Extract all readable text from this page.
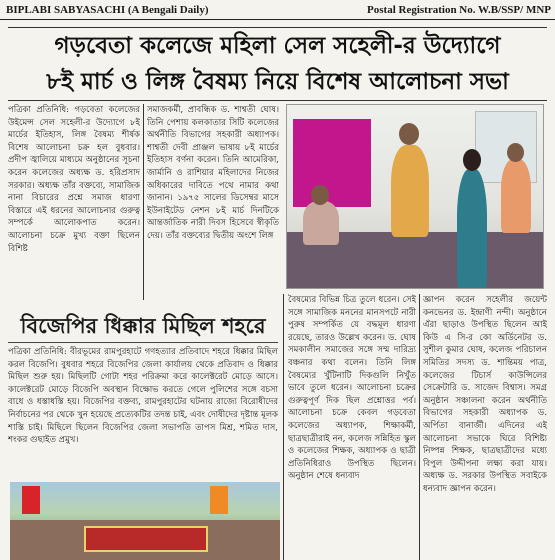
BIPLABI SABYASACHI (A Bengali Daily)	Postal Registration No. W.B/SSP/ MNP
গড়বেতা কলেজে মহিলা সেল সহেলী-র উদ্যোগে
৮ই মার্চ ও লিঙ্গ বৈষম্য নিয়ে বিশেষ আলোচনা সভা
পত্রিকা প্রতিনিধি: গড়বেতা কলেজের উইমেন্স সেল সহেলী-র উদ্যোগে ৮ই মার্চের ইতিহাস, লিঙ্গ বৈষম্য শীর্ষক বিশেষ আলোচনা চক্র হল বুধবার। প্রদীপ জ্বালিয়ে মাধ্যমে অনুষ্ঠানের সূচনা করেন কলেজের অধ্যক্ষ ড. হরিপ্রসাদ সরকার। অধ্যক্ষ তাঁর বক্তব্যে, সামাজিক নানা বিচারের প্রশ্নে সমাজ ধারণা বিস্তারে এই ধরনের আলোচনার গুরুত্ব সম্পর্কে আলোকপাত করেন। আলোচনা চক্রে মুখ্য বক্তা ছিলেন বিশিষ্ট
সমাজকর্মী, প্রাবন্ধিক ড. শাশ্বতী ঘোষ। তিনি পেশায় কলকাতার সিটি কলেজের অর্থনীতি বিভাগের সহকারী অধ্যাপক। শাশ্বতী দেবী প্রাঞ্জল ভাষায় ৮ই মার্চের ইতিহাস বর্ণনা করেন। তিনি আমেরিকা, জার্মানি ও রাশিয়ার মহিলাদের নিজের অধিকারের দাবিতে পথে নামার কথা জানান। ১৯৭৫ সালের ডিসেম্বর মাসে ইউনাইটেড নেশন ৮ই মার্চ দিনটিকে আন্তর্জাতিক নারী দিবস হিসেবে স্বীকৃতি দেয়। তাঁর বক্তব্যের দ্বিতীয় অংশে লিঙ্গ
বিজেপির ধিক্কার মিছিল শহরে
পত্রিকা প্রতিনিধি: বীরভূমের রামপুরহাটে গণহত্যার প্রতিবাদে শহরে ধিক্কার মিছিল করল বিজেপি। বুধবার শহরে বিজেপির জেলা কার্যালয় থেকে প্রতিবাদ ও ধিক্কার মিছিল শুরু হয়। মিছিলটি গোটা শহর পরিক্রমা করে কালেক্টরেট মোড়ে আসে। কালেক্টরেট মোড়ে বিজেপি অবস্থান বিক্ষোভ করতে গেলে পুলিশের সঙ্গে বচসা বাধে ও ধস্তাধস্তি হয়। বিজেপির বক্তব্য, রামপুরহাটের ঘটনায় রাজ্যে বিরোধীদের নির্বাচনের পর থেকে খুন হয়েছে প্রত্যেকটির তদন্ত চাই, এবং দোষীদের দৃষ্টান্ত মূলক শাস্তি চাই। মিছিলে ছিলেন বিজেপির জেলা সভাপতি তাপস মিশ্র, শমিত দাস, শংকর গুছাইত প্রমুখ।
বৈষম্যের বিভিন্ন চিত্র তুলে ধরেন। সেই সঙ্গে সামাজিক মননের মানসপটে নারী পুরুষ সম্পর্কিত যে বদ্ধমূল ধারণা রয়েছে, তারও উল্লেখ করেন। ড. ঘোষ সমকালীন সমাজের সঙ্গে সম্ম দারিদ্র্য বঞ্চনার কথা বলেন। তিনি লিঙ্গ বৈষম্যের খুঁটিনাটি দিকগুলি নিখুঁত ভাবে তুলে ধরেন। আলোচনা চক্রের গুরুত্বপূর্ণ দিক ছিল প্রশ্নোত্তর পর্ব। আলোচনা চক্রে কেবল গড়বেতা কলেজের অধ্যাপক, শিক্ষাকর্মী, ছাত্রছাত্রীরাই নন, কলেজ সন্নিহিত স্কুল ও কলেজের শিক্ষক, অধ্যাপক ও ছাত্রী প্রতিনিধিরাও উপস্থিত ছিলেন। অনুষ্ঠান শেষে ধন্যবাদ
জ্ঞাপন করেন সহেলীর জয়েন্ট কনভেনর ড. ইন্দ্রাণী নন্দী। অনুষ্ঠানে এঁরা ছাড়াও উপস্থিত ছিলেন আই কিউ এ সি-র কো অর্ডিনেটর ড. সুশীল কুমার ঘোষ, কলেজ পরিচালন সমিতির সদস্য ড. শান্তিময় পাত্র, কলেজের টিচার্স কাউন্সিলের সেক্রেটারি ড. সাজেদ বিশ্বাস। সমগ্র অনুষ্ঠান সঞ্চালনা করেন অর্থনীতি বিভাগের সহকারী অধ্যাপক ড. অর্পিতা বানার্জী। এদিনের এই আলোচনা সভাকে ঘিরে বিশিষ্ট্য নিষ্পন্ন শিক্ষক, ছাত্রছাত্রীদের মধ্যে বিপুল উদ্দীপনা লক্ষ্য করা যায়। অধ্যক্ষ ড. সরকার উপস্থিত সবাইকে ধন্যবাদ জ্ঞাপন করেন।
